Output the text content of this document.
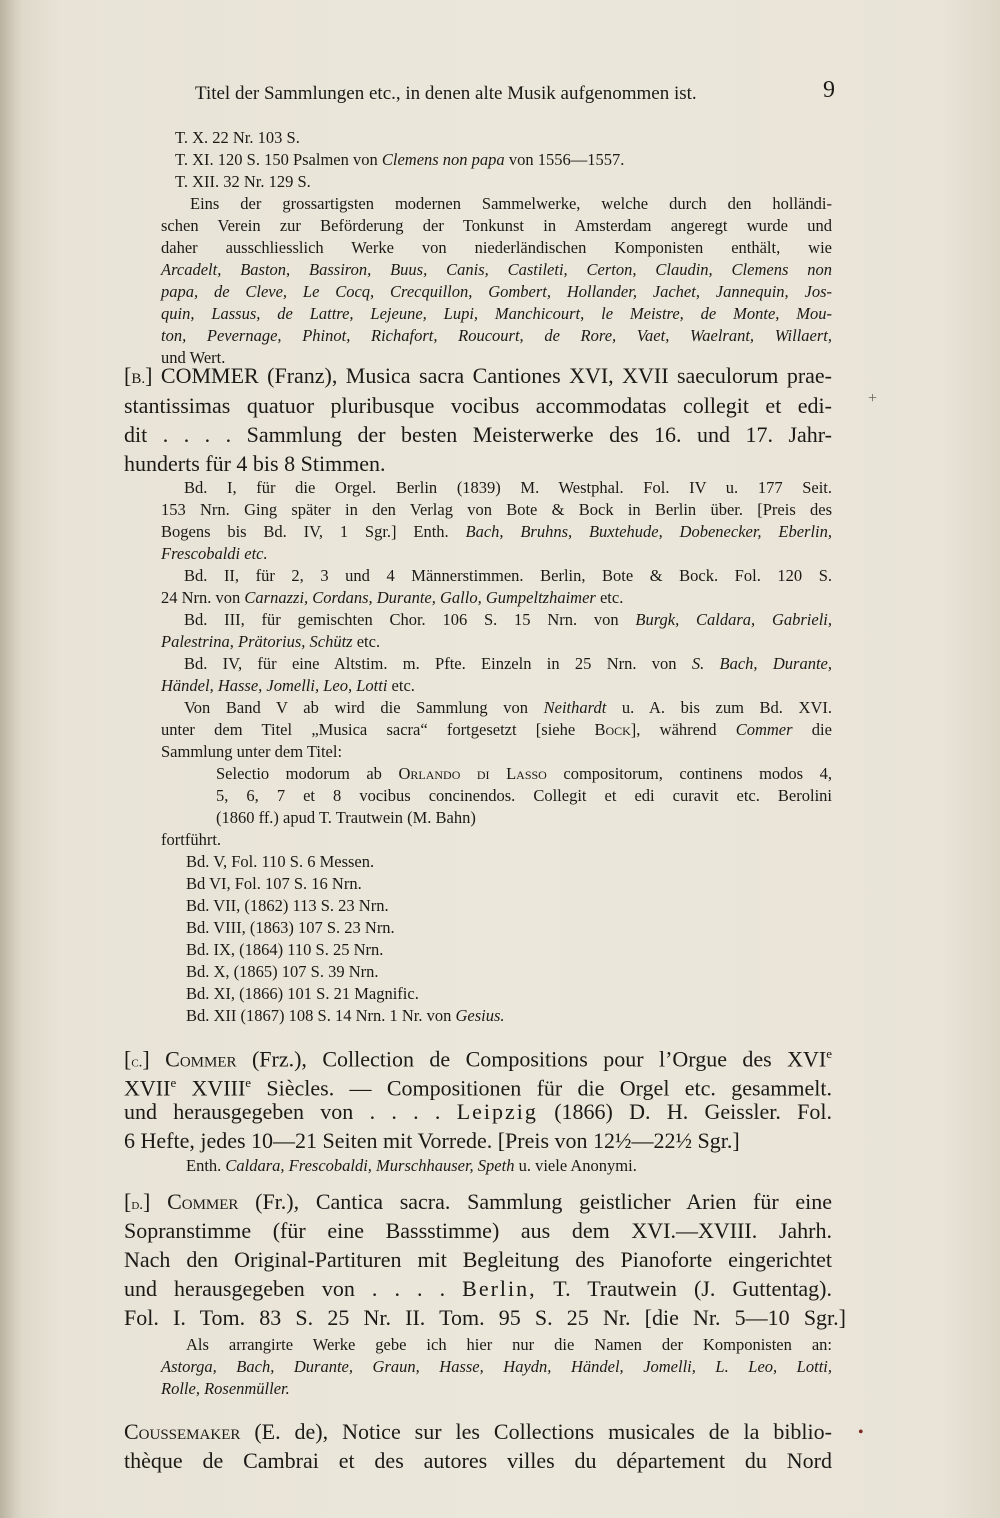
Titel der Sammlungen etc., in denen alte Musik aufgenommen ist.	9
T. X. 22 Nr. 103 S.
T. XI. 120 S. 150 Psalmen von Clemens non papa von 1556—1557.
T. XII. 32 Nr. 129 S.
Eins der grossartigsten modernen Sammelwerke, welche durch den holländi-
schen Verein zur Beförderung der Tonkunst in Amsterdam angeregt wurde und
daher ausschliesslich Werke von niederländischen Komponisten enthält, wie
Arcadelt, Baston, Bassiron, Buus, Canis, Castileti, Certon, Claudin, Clemens non
papa, de Cleve, Le Cocq, Crecquillon, Gombert, Hollander, Jachet, Jannequin, Jos-
quin, Lassus, de Lattre, Lejeune, Lupi, Manchicourt, le Meistre, de Monte, Mou-
ton, Pevernage, Phinot, Richafort, Roucourt, de Rore, Vaet, Waelrant, Willaert,
und Wert.
[B.] COMMER (Franz), Musica sacra Cantiones XVI, XVII saeculorum prae-
stantissimas quatuor pluribusque vocibus accommodatas collegit et edi-
dit . . . . Sammlung der besten Meisterwerke des 16. und 17. Jahr-
hunderts für 4 bis 8 Stimmen.
Bd. I, für die Orgel. Berlin (1839) M. Westphal. Fol. IV u. 177 Seit.
153 Nrn. Ging später in den Verlag von Bote & Bock in Berlin über. [Preis des
Bogens bis Bd. IV, 1 Sgr.] Enth. Bach, Bruhns, Buxtehude, Dobenecker, Eberlin,
Frescobaldi etc.
Bd. II, für 2, 3 und 4 Männerstimmen. Berlin, Bote & Bock. Fol. 120 S.
24 Nrn. von Carnazzi, Cordans, Durante, Gallo, Gumpeltzhaimer etc.
Bd. III, für gemischten Chor. 106 S. 15 Nrn. von Burgk, Caldara, Gabrieli,
Palestrina, Prätorius, Schütz etc.
Bd. IV, für eine Altstim. m. Pfte. Einzeln in 25 Nrn. von S. Bach, Durante,
Händel, Hasse, Jomelli, Leo, Lotti etc.
Von Band V ab wird die Sammlung von Neithardt u. A. bis zum Bd. XVI.
unter dem Titel „Musica sacra“ fortgesetzt [siehe Bock], während Commer die
Sammlung unter dem Titel:
Selectio modorum ab Orlando di Lasso compositorum, continens modos 4,
5, 6, 7 et 8 vocibus concinendos. Collegit et edi curavit etc. Berolini
(1860 ff.) apud T. Trautwein (M. Bahn)
fortführt.
Bd. V, Fol. 110 S. 6 Messen.
Bd VI, Fol. 107 S. 16 Nrn.
Bd. VII, (1862) 113 S. 23 Nrn.
Bd. VIII, (1863) 107 S. 23 Nrn.
Bd. IX, (1864) 110 S. 25 Nrn.
Bd. X, (1865) 107 S. 39 Nrn.
Bd. XI, (1866) 101 S. 21 Magnific.
Bd. XII (1867) 108 S. 14 Nrn. 1 Nr. von Gesius.
[c.] Commer (Frz.), Collection de Compositions pour l’Orgue des XVIe
XVIIe XVIIIe Siècles. — Compositionen für die Orgel etc. gesammelt.
und herausgegeben von . . . . Leipzig (1866) D. H. Geissler. Fol.
6 Hefte, jedes 10—21 Seiten mit Vorrede. [Preis von 12½—22½ Sgr.]
Enth. Caldara, Frescobaldi, Murschhauser, Speth u. viele Anonymi.
[d.] Commer (Fr.), Cantica sacra. Sammlung geistlicher Arien für eine
Sopranstimme (für eine Bassstimme) aus dem XVI.—XVIII. Jahrh.
Nach den Original-Partituren mit Begleitung des Pianoforte eingerichtet
und herausgegeben von . . . . Berlin, T. Trautwein (J. Guttentag).
Fol. I. Tom. 83 S. 25 Nr. II. Tom. 95 S. 25 Nr. [die Nr. 5—10 Sgr.]
Als arrangirte Werke gebe ich hier nur die Namen der Komponisten an:
Astorga, Bach, Durante, Graun, Hasse, Haydn, Händel, Jomelli, L. Leo, Lotti,
Rolle, Rosenmüller.
Coussemaker (E. de), Notice sur les Collections musicales de la biblio-
thèque de Cambrai et des autores villes du département du Nord
+
•
